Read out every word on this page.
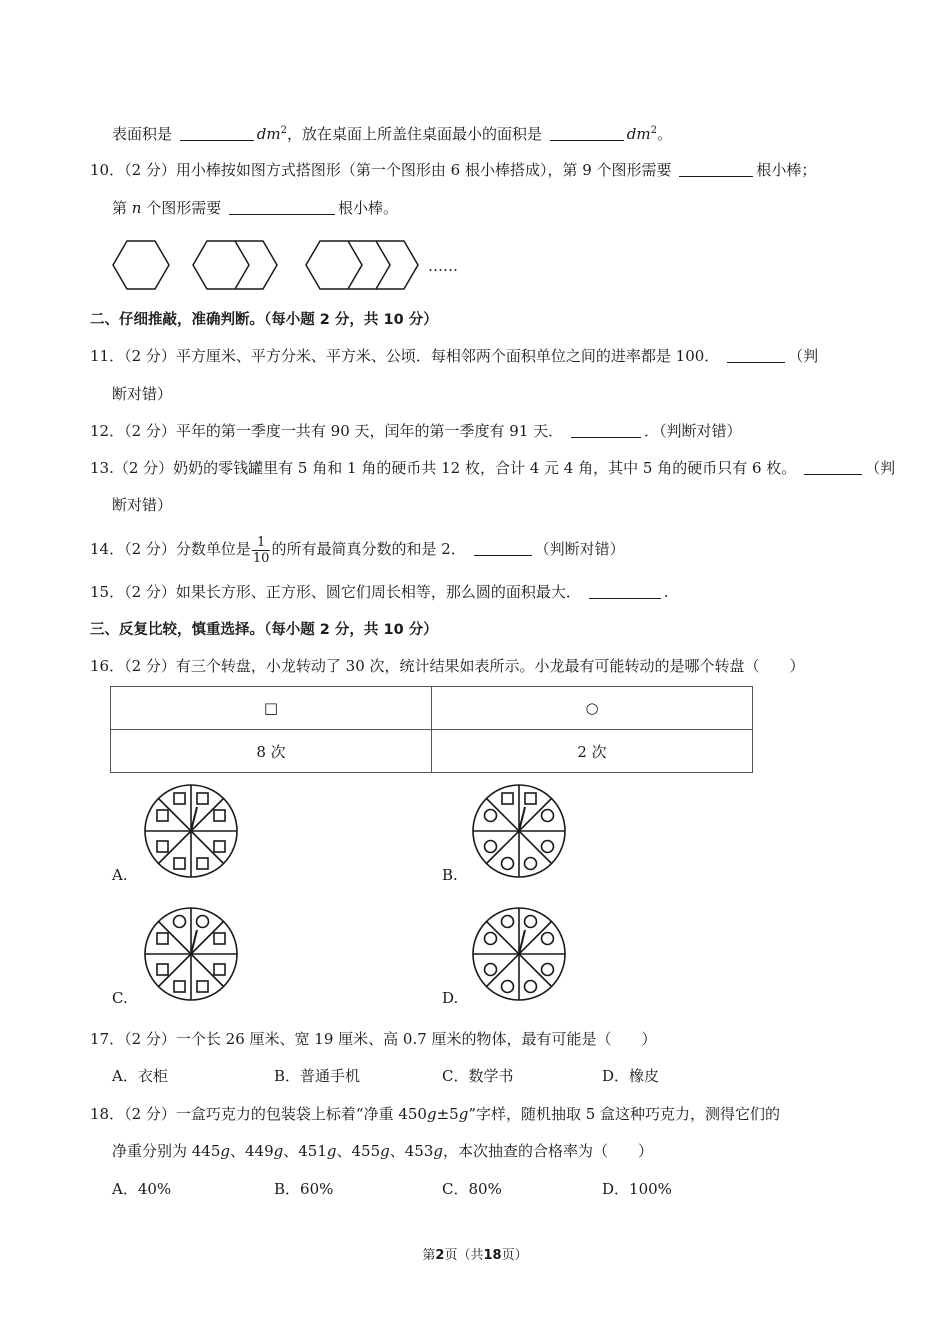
表面积是	$dm^2$，放在桌面上所盖住桌面最小的面积是	$dm^2$。
10．（2 分）用小棒按如图方式搭图形（第一个图形由 6 根小棒搭成），第 9 个图形需要	根小棒；
第 n 个图形需要	根小棒。
……
二、仔细推敲，准确判断。（每小题 2 分，共 10 分）
11．（2 分）平方厘米、平方分米、平方米、公顷．每相邻两个面积单位之间的进率都是 100．	（判
断对错）
12．（2 分）平年的第一季度一共有 90 天，闰年的第一季度有 91 天．	．（判断对错）
13.（2 分）奶奶的零钱罐里有 5 角和 1 角的硬币共 12 枚，合计 4 元 4 角，其中 5 角的硬币只有 6 枚。	（判
断对错）
14．（2 分）分数单位是 $\frac{1}{10}$ 的所有最简真分数的和是 2．	（判断对错）
15．（2 分）如果长方形、正方形、圆它们周长相等，那么圆的面积最大．	.
三、反复比较，慎重选择。（每小题 2 分，共 10 分）
16．（2 分）有三个转盘，小龙转动了 30 次，统计结果如表所示。小龙最有可能转动的是哪个转盘（　　）
□	○
8 次	2 次
A.	B.
C.	D.
17．（2 分）一个长 26 厘米、宽 19 厘米、高 0.7 厘米的物体，最有可能是（　　）
A．衣柜	B．普通手机	C．数学书	D．橡皮
18．（2 分）一盒巧克力的包装袋上标着“净重 450g±5g”字样，随机抽取 5 盒这种巧克力，测得它们的
净重分别为 445g、449g、451g、455g、453g，本次抽查的合格率为（　　）
A．40%	B．60%	C．80%	D．100%
第2页（共18页）
